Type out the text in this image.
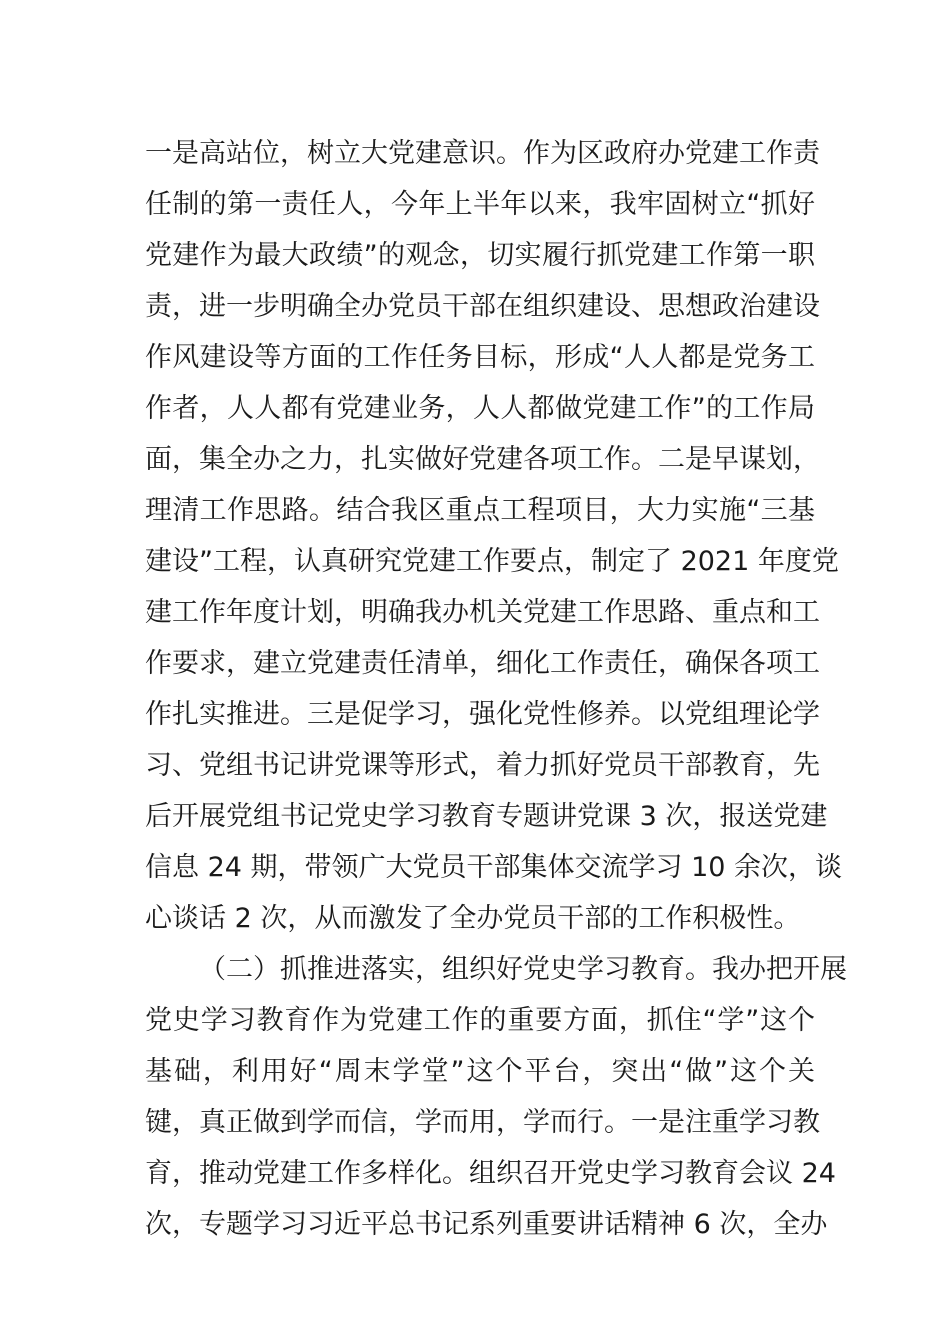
一是高站位，树立大党建意识。作为区政府办党建工作责
任制的第一责任人，今年上半年以来，我牢固树立“抓好
党建作为最大政绩”的观念，切实履行抓党建工作第一职
责，进一步明确全办党员干部在组织建设、思想政治建设
作风建设等方面的工作任务目标，形成“人人都是党务工
作者，人人都有党建业务，人人都做党建工作”的工作局
面，集全办之力，扎实做好党建各项工作。二是早谋划，
理清工作思路。结合我区重点工程项目，大力实施“三基
建设”工程，认真研究党建工作要点，制定了 2021 年度党
建工作年度计划，明确我办机关党建工作思路、重点和工
作要求，建立党建责任清单，细化工作责任，确保各项工
作扎实推进。三是促学习，强化党性修养。以党组理论学
习、党组书记讲党课等形式，着力抓好党员干部教育，先
后开展党组书记党史学习教育专题讲党课 3 次，报送党建
信息 24 期，带领广大党员干部集体交流学习 10 余次，谈
心谈话 2 次，从而激发了全办党员干部的工作积极性。
（二）抓推进落实，组织好党史学习教育。我办把开展
党史学习教育作为党建工作的重要方面，抓住“学”这个
基础，利用好“周末学堂”这个平台，突出“做”这个关
键，真正做到学而信，学而用，学而行。一是注重学习教
育，推动党建工作多样化。组织召开党史学习教育会议 24
次，专题学习习近平总书记系列重要讲话精神 6 次，全办
